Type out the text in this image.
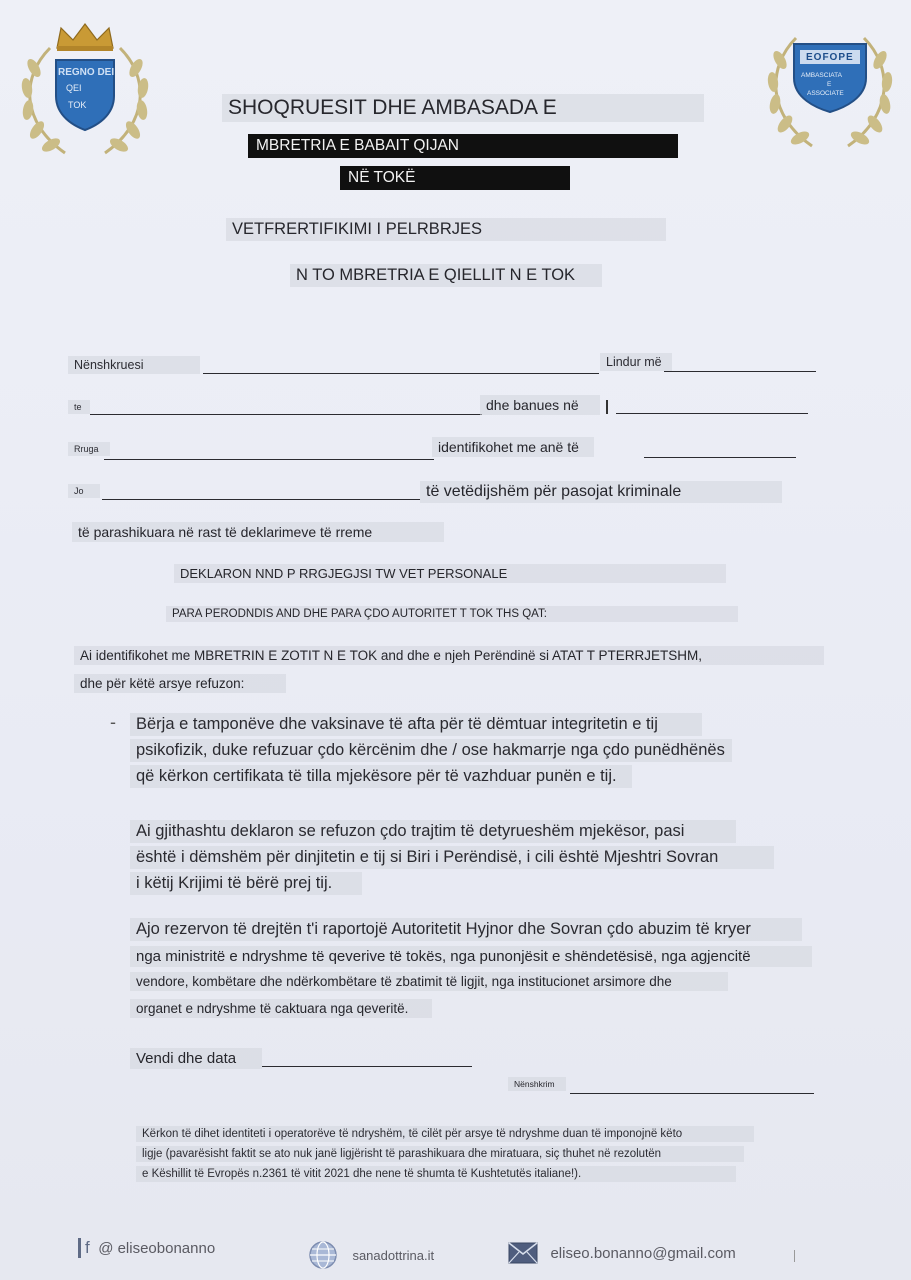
REGNO DEI
QEI
TOK
EOFOPE
AMBASCIATA
E
ASSOCIATE
SHOQRUESIT DHE AMBASADA E
MBRETRIA E BABAIT QIJAN
NË TOKË
VETFRERTIFIKIMI I PELRBRJES
N TO MBRETRIA E QIELLIT N E TOK
Nënshkruesi	Lindur më
te	dhe banues në
Rruga	identifikohet me anë të
Jo	të vetëdijshëm për pasojat kriminale
të parashikuara në rast të deklarimeve të rreme
DEKLARON NND P RRGJEGJSI TW VET PERSONALE
PARA PERODNDIS AND DHE PARA ÇDO AUTORITET T TOK THS QAT:
Ai identifikohet me MBRETRIN E ZOTIT N E TOK and dhe e njeh Perëndinë si ATAT T PTERRJETSHM,
dhe për këtë arsye refuzon:
-	Bërja e tamponëve dhe vaksinave të afta për të dëmtuar integritetin e tij
psikofizik, duke refuzuar çdo kërcënim dhe / ose hakmarrje nga çdo punëdhënës
që kërkon certifikata të tilla mjekësore për të vazhduar punën e tij.
Ai gjithashtu deklaron se refuzon çdo trajtim të detyrueshëm mjekësor, pasi
është i dëmshëm për dinjitetin e tij si Biri i Perëndisë, i cili është Mjeshtri Sovran
i këtij Krijimi të bërë prej tij.
Ajo rezervon të drejtën t'i raportojë Autoritetit Hyjnor dhe Sovran çdo abuzim të kryer
nga ministritë e ndryshme të qeverive të tokës, nga punonjësit e shëndetësisë, nga agjencitë
vendore, kombëtare dhe ndërkombëtare të zbatimit të ligjit, nga institucionet arsimore dhe
organet e ndryshme të caktuara nga qeveritë.
Vendi dhe data
Nënshkrim
Kërkon të dihet identiteti i operatorëve të ndryshëm, të cilët për arsye të ndryshme duan të imponojnë këto
ligje (pavarësisht faktit se ato nuk janë ligjërisht të parashikuara dhe miratuara, siç thuhet në rezolutën
e Këshillit të Evropës n.2361 të vitit 2021 dhe nene të shumta të Kushtetutës italiane!).
f @ eliseobonanno	sanadottrina.it	eliseo.bonanno@gmail.com
